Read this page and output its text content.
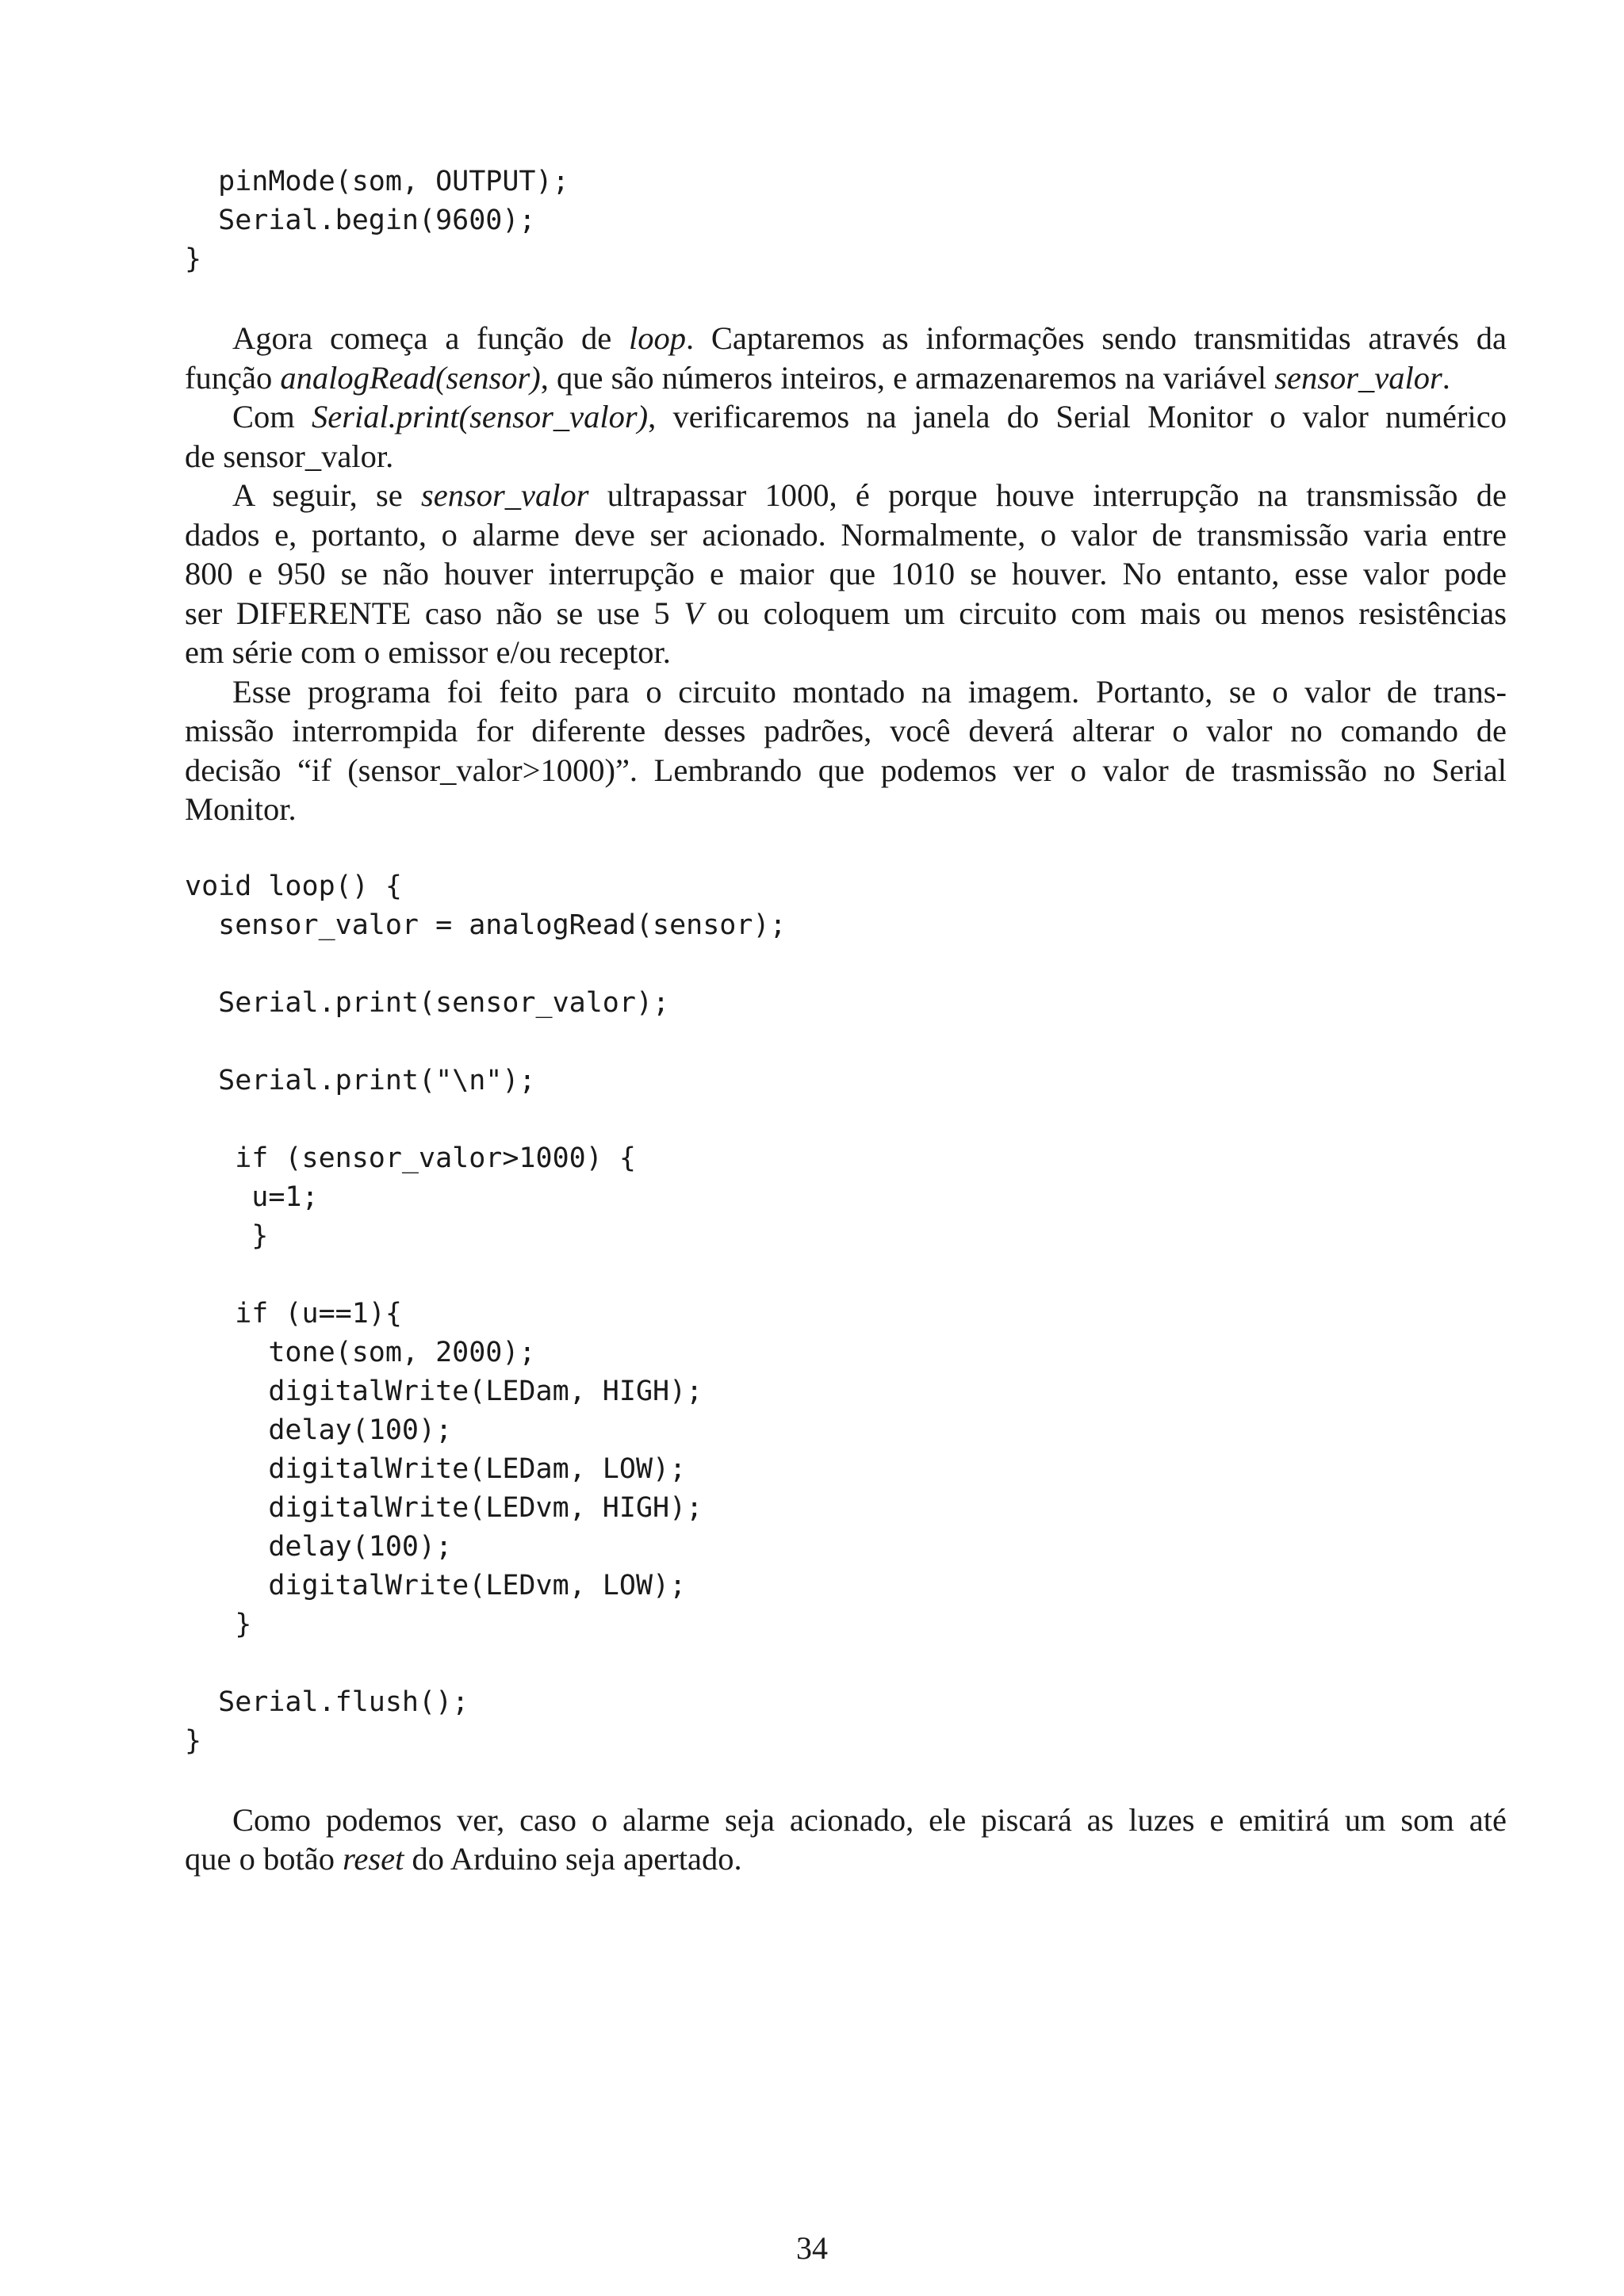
pinMode(som, OUTPUT);
Serial.begin(9600);
}
Agora começa a função de loop. Captaremos as informações sendo transmitidas através da
função analogRead(sensor), que são números inteiros, e armazenaremos na variável sensor_valor.
Com Serial.print(sensor_valor), verificaremos na janela do Serial Monitor o valor numérico
de sensor_valor.
A seguir, se sensor_valor ultrapassar 1000, é porque houve interrupção na transmissão de
dados e, portanto, o alarme deve ser acionado. Normalmente, o valor de transmissão varia entre
800 e 950 se não houver interrupção e maior que 1010 se houver. No entanto, esse valor pode
ser DIFERENTE caso não se use 5 V ou coloquem um circuito com mais ou menos resistências
em série com o emissor e/ou receptor.
Esse programa foi feito para o circuito montado na imagem. Portanto, se o valor de trans-
missão interrompida for diferente desses padrões, você deverá alterar o valor no comando de
decisão “if (sensor_valor>1000)”. Lembrando que podemos ver o valor de trasmissão no Serial
Monitor.
void loop() {
sensor_valor = analogRead(sensor);
Serial.print(sensor_valor);
Serial.print("\n");
if (sensor_valor>1000) {
u=1;
}
if (u==1){
tone(som, 2000);
digitalWrite(LEDam, HIGH);
delay(100);
digitalWrite(LEDam, LOW);
digitalWrite(LEDvm, HIGH);
delay(100);
digitalWrite(LEDvm, LOW);
}
Serial.flush();
}
Como podemos ver, caso o alarme seja acionado, ele piscará as luzes e emitirá um som até
que o botão reset do Arduino seja apertado.
34
